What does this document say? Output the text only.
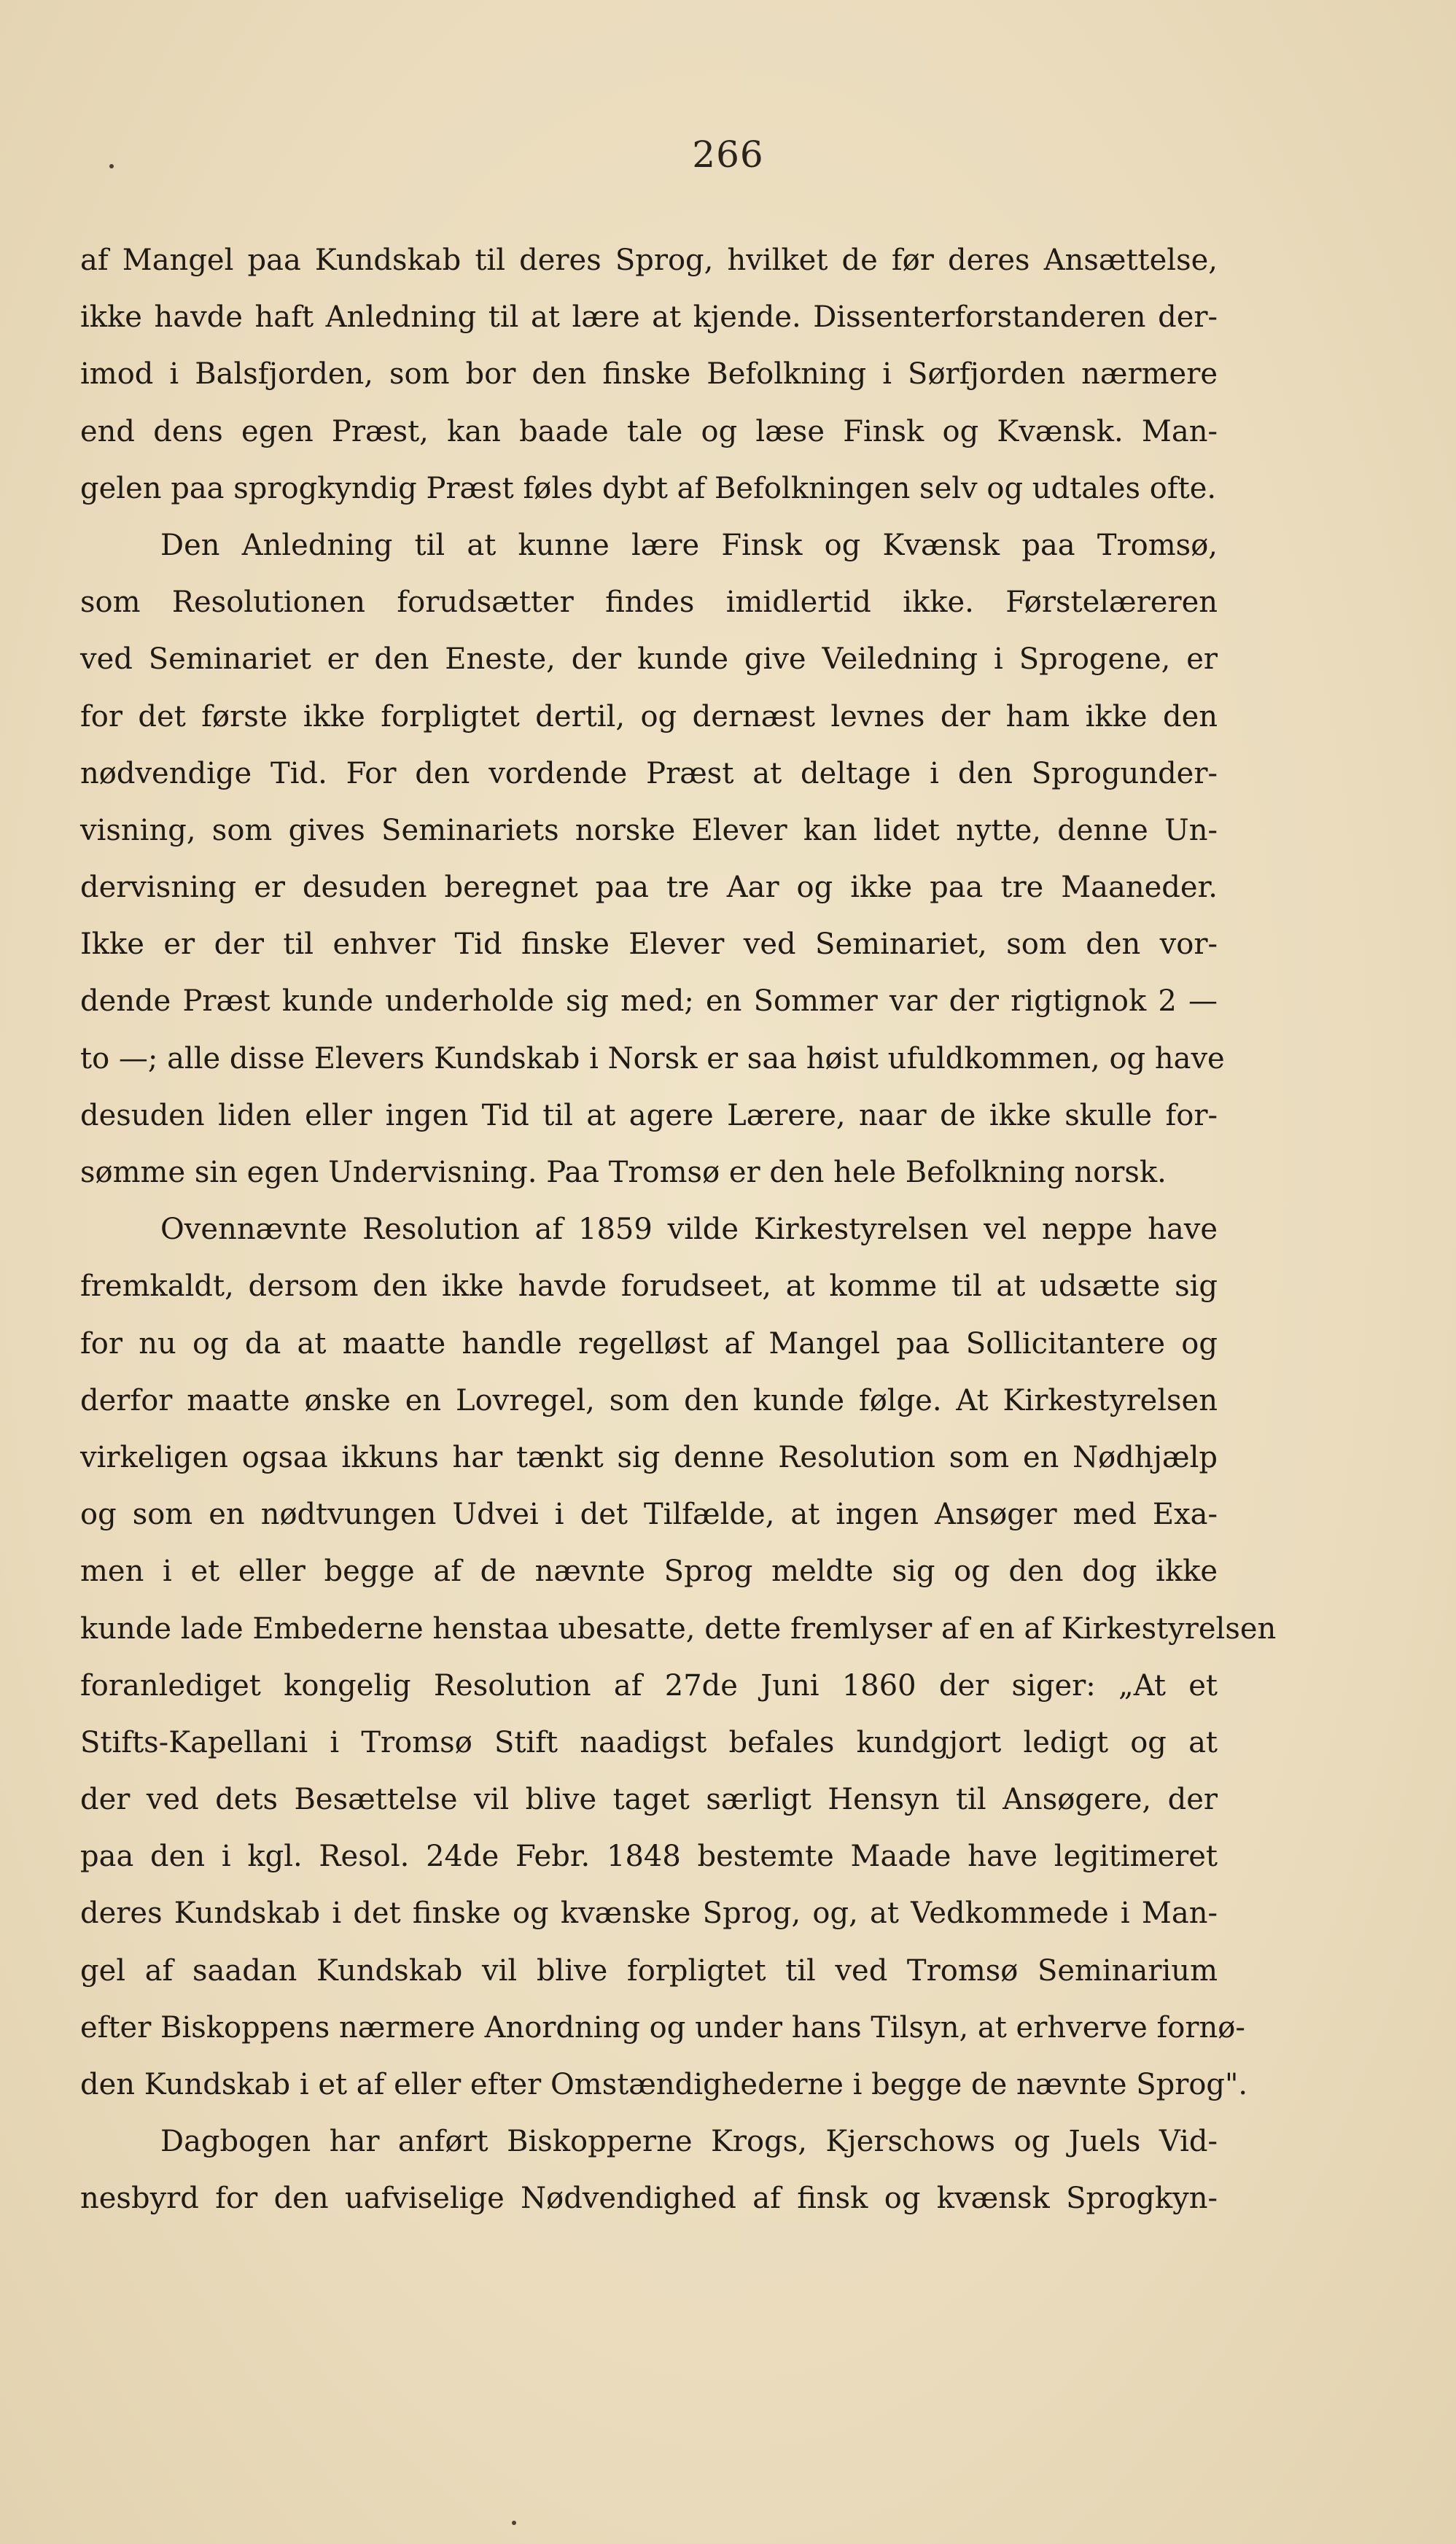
266
af Mangel paa Kundskab til deres Sprog, hvilket de før deres Ansættelse,
ikke havde haft Anledning til at lære at kjende. Dissenterforstanderen der-
imod i Balsfjorden, som bor den finske Befolkning i Sørfjorden nærmere
end dens egen Præst, kan baade tale og læse Finsk og Kvænsk. Man-
gelen paa sprogkyndig Præst føles dybt af Befolkningen selv og udtales ofte.
Den Anledning til at kunne lære Finsk og Kvænsk paa Tromsø,
som Resolutionen forudsætter findes imidlertid ikke. Førstelæreren
ved Seminariet er den Eneste, der kunde give Veiledning i Sprogene, er
for det første ikke forpligtet dertil, og dernæst levnes der ham ikke den
nødvendige Tid. For den vordende Præst at deltage i den Sprogunder-
visning, som gives Seminariets norske Elever kan lidet nytte, denne Un-
dervisning er desuden beregnet paa tre Aar og ikke paa tre Maaneder.
Ikke er der til enhver Tid finske Elever ved Seminariet, som den vor-
dende Præst kunde underholde sig med; en Sommer var der rigtignok 2 —
to —; alle disse Elevers Kundskab i Norsk er saa høist ufuldkommen, og have
desuden liden eller ingen Tid til at agere Lærere, naar de ikke skulle for-
sømme sin egen Undervisning. Paa Tromsø er den hele Befolkning norsk.
Ovennævnte Resolution af 1859 vilde Kirkestyrelsen vel neppe have
fremkaldt, dersom den ikke havde forudseet, at komme til at udsætte sig
for nu og da at maatte handle regelløst af Mangel paa Sollicitantere og
derfor maatte ønske en Lovregel, som den kunde følge. At Kirkestyrelsen
virkeligen ogsaa ikkuns har tænkt sig denne Resolution som en Nødhjælp
og som en nødtvungen Udvei i det Tilfælde, at ingen Ansøger med Exa-
men i et eller begge af de nævnte Sprog meldte sig og den dog ikke
kunde lade Embederne henstaa ubesatte, dette fremlyser af en af Kirkestyrelsen
foranlediget kongelig Resolution af 27de Juni 1860 der siger: „At et
Stifts-Kapellani i Tromsø Stift naadigst befales kundgjort ledigt og at
der ved dets Besættelse vil blive taget særligt Hensyn til Ansøgere, der
paa den i kgl. Resol. 24de Febr. 1848 bestemte Maade have legitimeret
deres Kundskab i det finske og kvænske Sprog, og, at Vedkommede i Man-
gel af saadan Kundskab vil blive forpligtet til ved Tromsø Seminarium
efter Biskoppens nærmere Anordning og under hans Tilsyn, at erhverve fornø-
den Kundskab i et af eller efter Omstændighederne i begge de nævnte Sprog".
Dagbogen har anført Biskopperne Krogs, Kjerschows og Juels Vid-
nesbyrd for den uafviselige Nødvendighed af finsk og kvænsk Sprogkyn-
